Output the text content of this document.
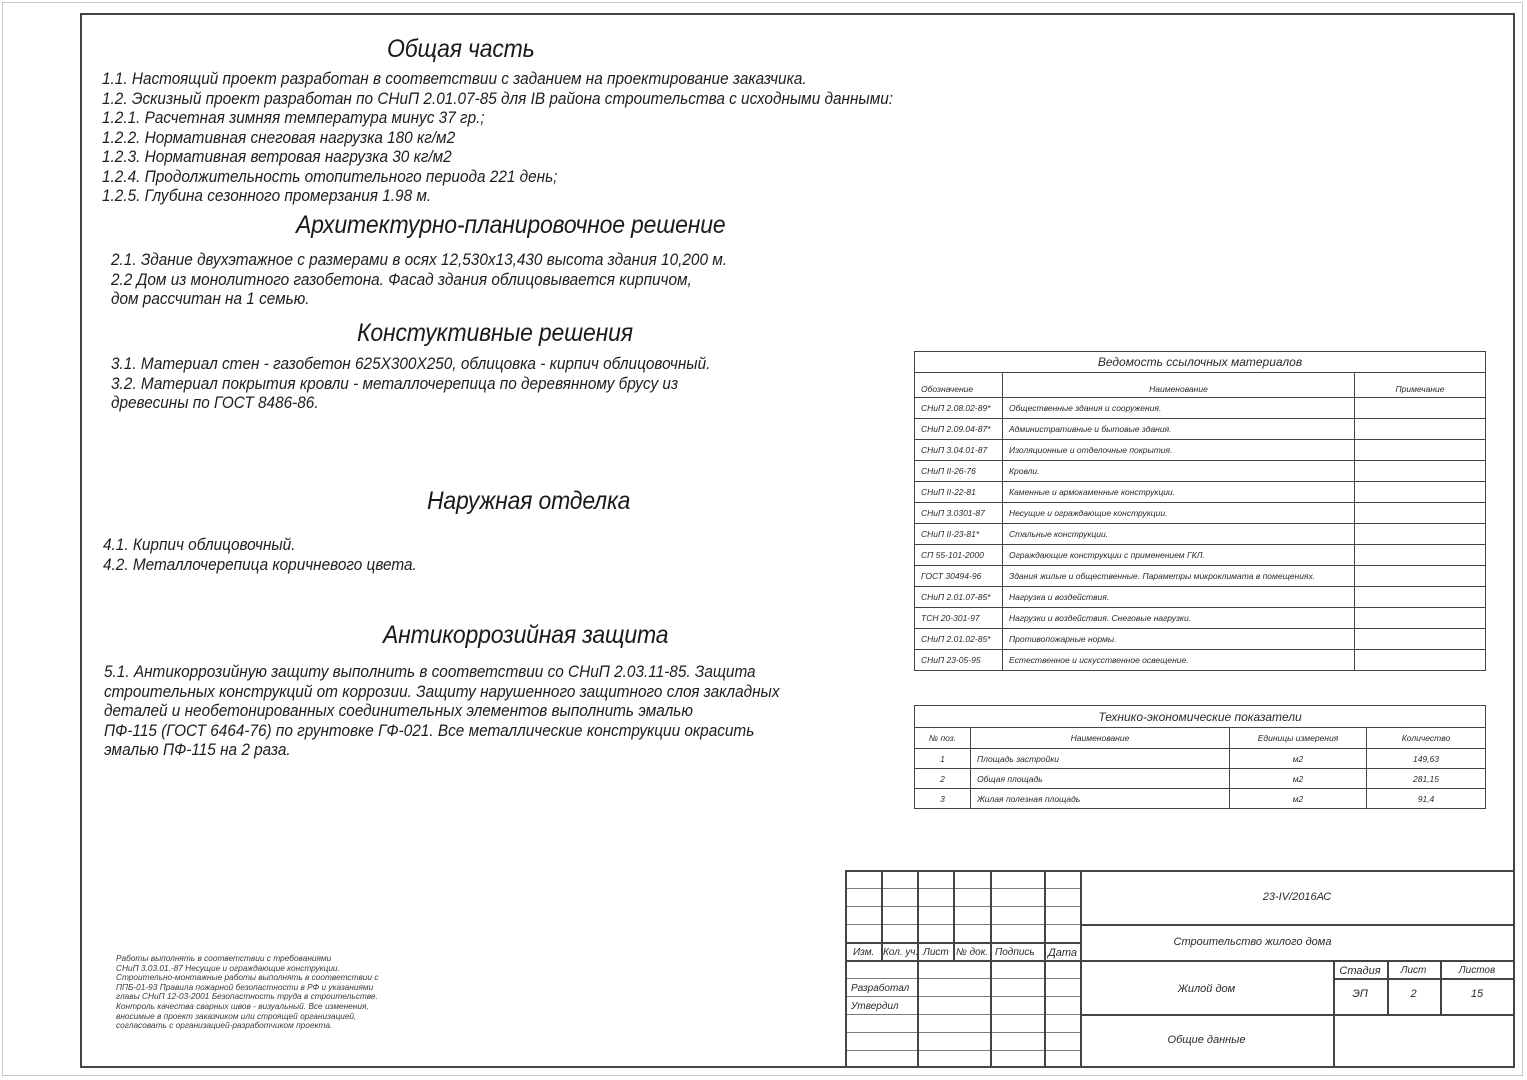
Общая часть
1.1. Настоящий проект разработан в соответствии с заданием на проектирование заказчика.
1.2. Эскизный проект разработан по СНиП 2.01.07-85 для IB района строительства с исходными данными:
1.2.1. Расчетная зимняя температура минус 37 гр.;
1.2.2. Нормативная снеговая нагрузка 180 кг/м2
1.2.3. Нормативная ветровая нагрузка 30 кг/м2
1.2.4. Продолжительность отопительного периода 221 день;
1.2.5. Глубина сезонного промерзания 1.98 м.
Архитектурно-планировочное решение
2.1. Здание двухэтажное с размерами в осях 12,530х13,430 высота здания 10,200 м.
2.2 Дом из монолитного газобетона. Фасад здания облицовывается кирпичом,
дом рассчитан на 1 семью.
Констуктивные решения
3.1. Материал стен - газобетон 625Х300Х250, облицовка - кирпич облицовочный.
3.2. Материал покрытия кровли - металлочерепица по деревянному брусу из
древесины по ГОСТ 8486-86.
Наружная отделка
4.1. Кирпич облицовочный.
4.2. Металлочерепица коричневого цвета.
Антикоррозийная защита
5.1. Антикоррозийную защиту выполнить в соответствии со СНиП 2.03.11-85. Защита
строительных конструкций от коррозии. Защиту нарушенного защитного слоя закладных
деталей и необетонированных соединительных элементов выполнить эмалью
ПФ-115 (ГОСТ 6464-76) по грунтовке ГФ-021. Все металлические конструкции окрасить
эмалью ПФ-115 на 2 раза.
Ведомость ссылочных материалов		
Обозначение	Наименование	Примечание
СНиП 2.08.02-89*	Общественные здания и сооружения.	
СНиП 2.09.04-87*	Административные и бытовые здания.	
СНиП 3.04.01-87	Изоляционные и отделочные покрытия.	
СНиП II-26-76	Кровли.	
СНиП II-22-81	Каменные и армокаменные конструкции.	
СНиП 3.0301-87	Несущие и ограждающие конструкции.	
СНиП II-23-81*	Стальные конструкции.	
СП 55-101-2000	Ограждающие конструкции с применением ГКЛ.	
ГОСТ 30494-96	Здания жилые и общественные. Параметры микроклимата в помещениях.	
СНиП 2.01.07-85*	Нагрузка и воздействия.	
ТСН 20-301-97	Нагрузки и воздействия. Снеговые нагрузки.	
СНиП 2.01.02-85*	Противопожарные нормы.	
СНиП 23-05-95	Естественное и искусственное освещение.	
Технико-экономические показатели			
№ поз.	Наименование	Единицы измерения	Количество
1	Площадь застройки	м2	149,63
2	Общая площадь	м2	281,15
3	Жилая полезная площадь	м2	91,4
Работы выполнять в соответствии с требованиями
СНиП 3.03.01.-87 Несущие и ограждающие конструкции.
Строительно-монтажные работы выполнять в соответствии с
ППБ-01-93 Правила пожарной безопастности в РФ и указаниями
главы СНиП 12-03-2001 Безопастность труда в строительстве.
Контроль качества сварных швов - визуальный. Все изменения,
вносимые в проект заказчиком или строящей организацией,
согласовать с организацией-разработчиком проекта.
Изм. Кол. уч. Лист № док. Подпись Дата
Разработал
Утвердил
23-IV/2016АС
Строительство жилого дома
Жилой дом
Общие данные
Стадия	Лист	Листов
ЭП	2	15
